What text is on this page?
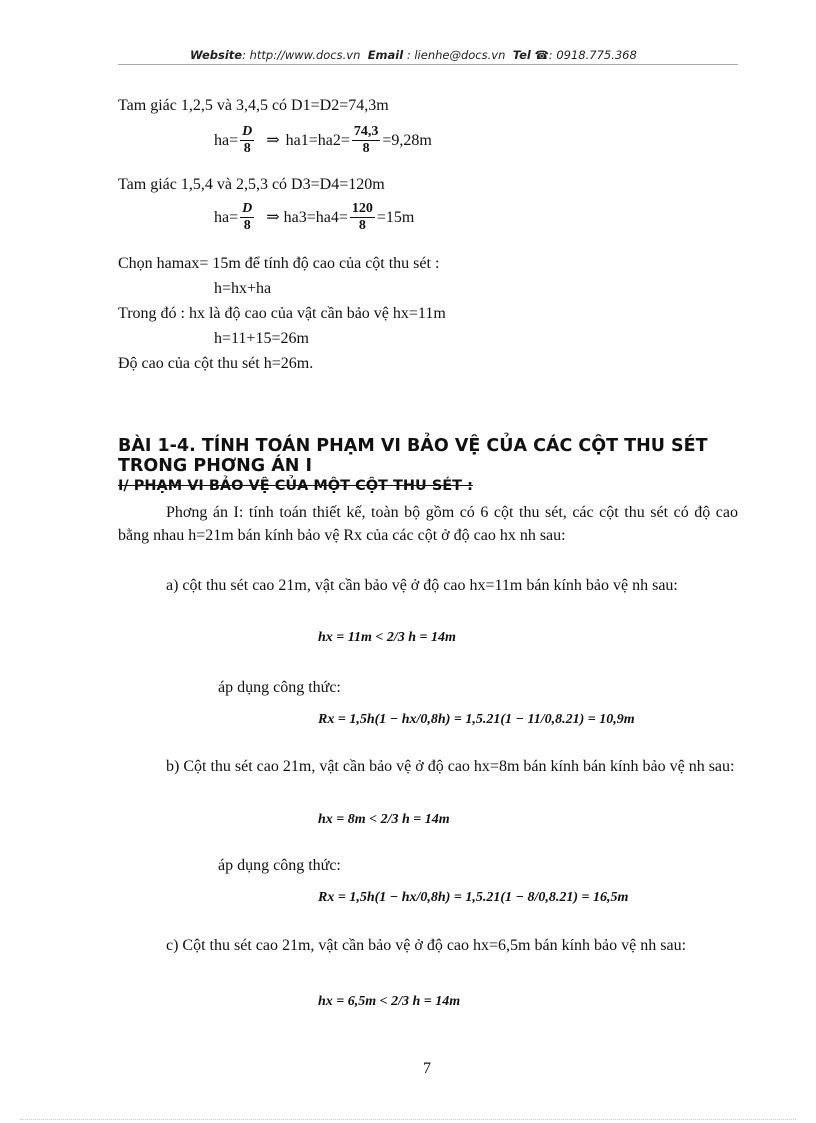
Website: http://www.docs.vn Email : lienhe@docs.vn Tel ☎: 0918.775.368
Tam giác 1,2,5 và 3,4,5 có D1=D2=74,3m
$ha= \frac{D}{8}$ ⇒ $ha1=ha2= \frac{74,3}{8} =9,28m$
Tam giác 1,5,4 và 2,5,3 có D3=D4=120m
$ha= \frac{D}{8}$ ⇒ $ha3=ha4= \frac{120}{8} =15m$
Chọn hamax= 15m để tính độ cao của cột thu sét :
h=hx+ha
Trong đó : hx là độ cao của vật cần bảo vệ hx=11m
h=11+15=26m
Độ cao của cột thu sét h=26m.
BÀI 1-4. TÍNH TOÁN PHẠM VI BẢO VỆ CỦA CÁC CỘT THU SÉT TRONG PHƠNG ÁN I
I/ PHẠM VI BẢO VỆ CỦA MỘT CỘT THU SÉT :
Phơng án I: tính toán thiết kế, toàn bộ gồm có 6 cột thu sét, các cột thu sét có độ cao bằng nhau h=21m bán kính bảo vệ Rx của các cột ở độ cao hx nh sau:
a) cột thu sét cao 21m, vật cần bảo vệ ở độ cao hx=11m bán kính bảo vệ nh sau:
hx = 11m < 2/3 h = 14m
áp dụng công thức:
Rx = 1,5h(1 − hx/0,8h) = 1,5.21(1 − 11/0,8.21) = 10,9m
b) Cột thu sét cao 21m, vật cần bảo vệ ở độ cao hx=8m bán kính bán kính bảo vệ nh sau:
hx = 8m < 2/3 h = 14m
áp dụng công thức:
Rx = 1,5h(1 − hx/0,8h) = 1,5.21(1 − 8/0,8.21) = 16,5m
c) Cột thu sét cao 21m, vật cần bảo vệ ở độ cao hx=6,5m bán kính bảo vệ nh sau:
hx = 6,5m < 2/3 h = 14m
7
